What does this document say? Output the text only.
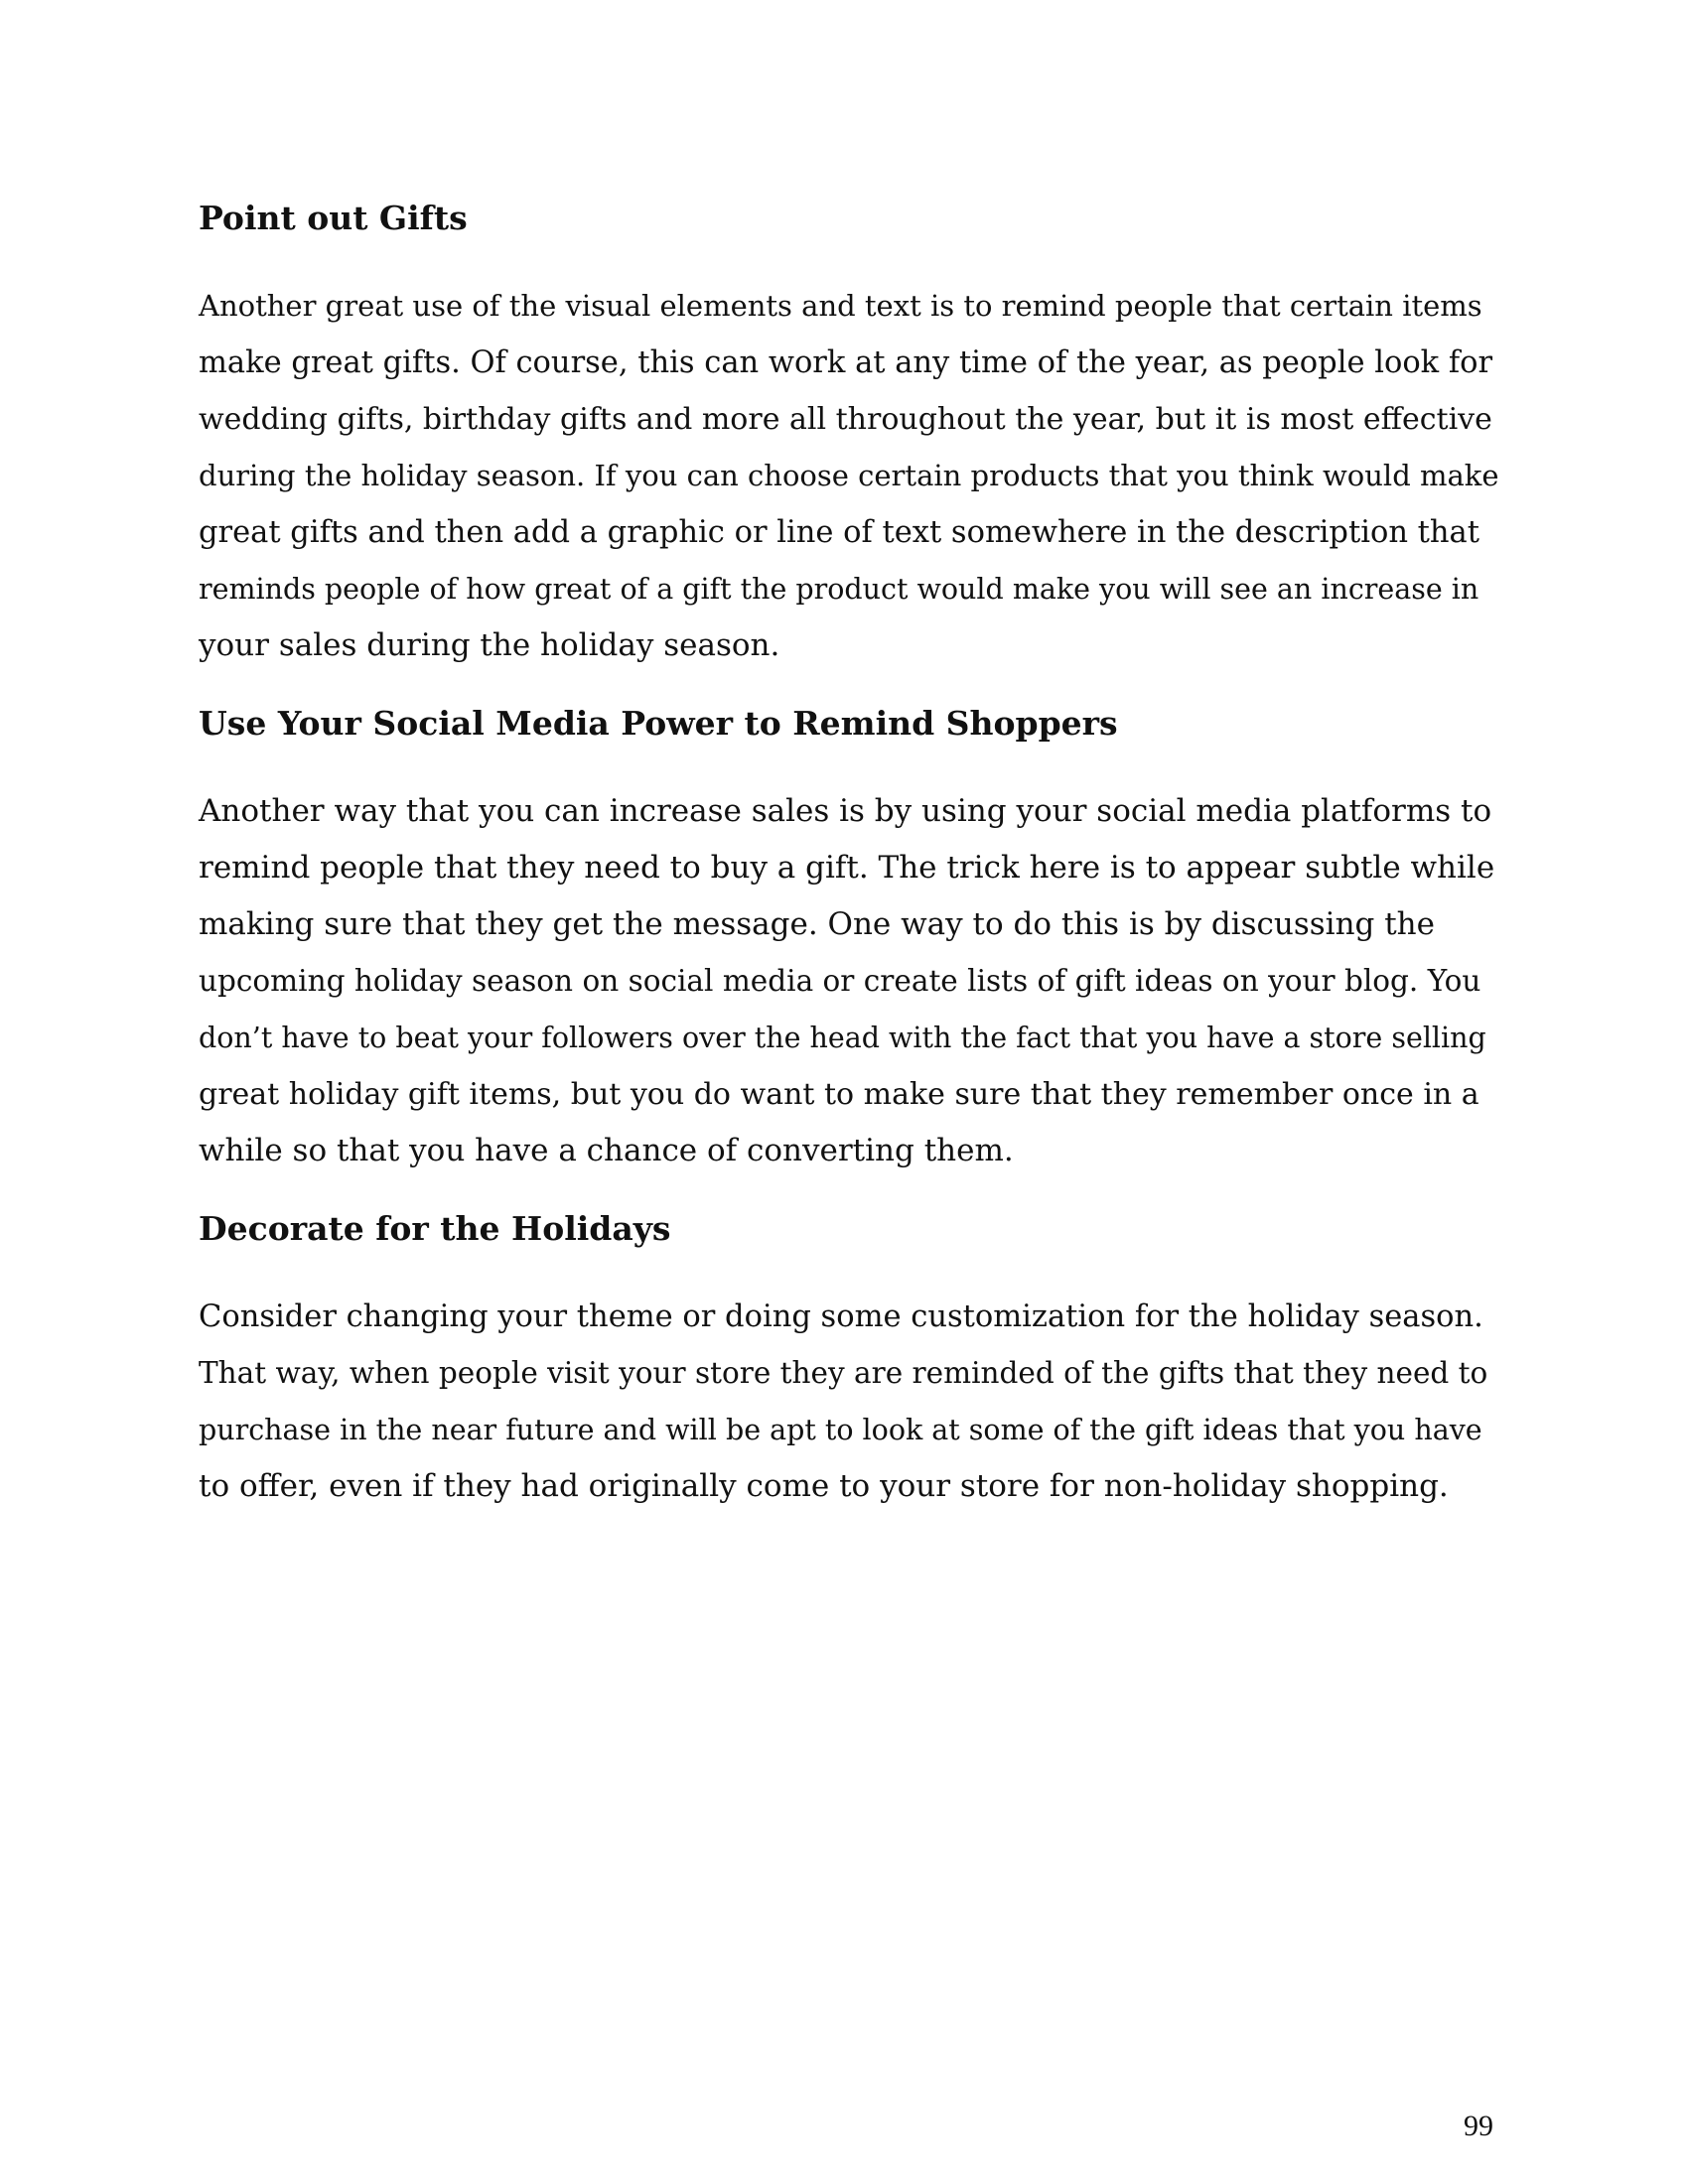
Point out Gifts

Another great use of the visual elements and text is to remind people that certain items

make great gifts. Of course, this can work at any time of the year, as people look for

wedding gifts, birthday gifts and more all throughout the year, but it is most effective

during the holiday season. If you can choose certain products that you think would make

great gifts and then add a graphic or line of text somewhere in the description that

reminds people of how great of a gift the product would make you will see an increase in

your sales during the holiday season.

Use Your Social Media Power to Remind Shoppers

Another way that you can increase sales is by using your social media platforms to

remind people that they need to buy a gift. The trick here is to appear subtle while

making sure that they get the message. One way to do this is by discussing the

upcoming holiday season on social media or create lists of gift ideas on your blog. You

don’t have to beat your followers over the head with the fact that you have a store selling

great holiday gift items, but you do want to make sure that they remember once in a

while so that you have a chance of converting them.

Decorate for the Holidays

Consider changing your theme or doing some customization for the holiday season.

That way, when people visit your store they are reminded of the gifts that they need to

purchase in the near future and will be apt to look at some of the gift ideas that you have

to offer, even if they had originally come to your store for non-holiday shopping.

99
